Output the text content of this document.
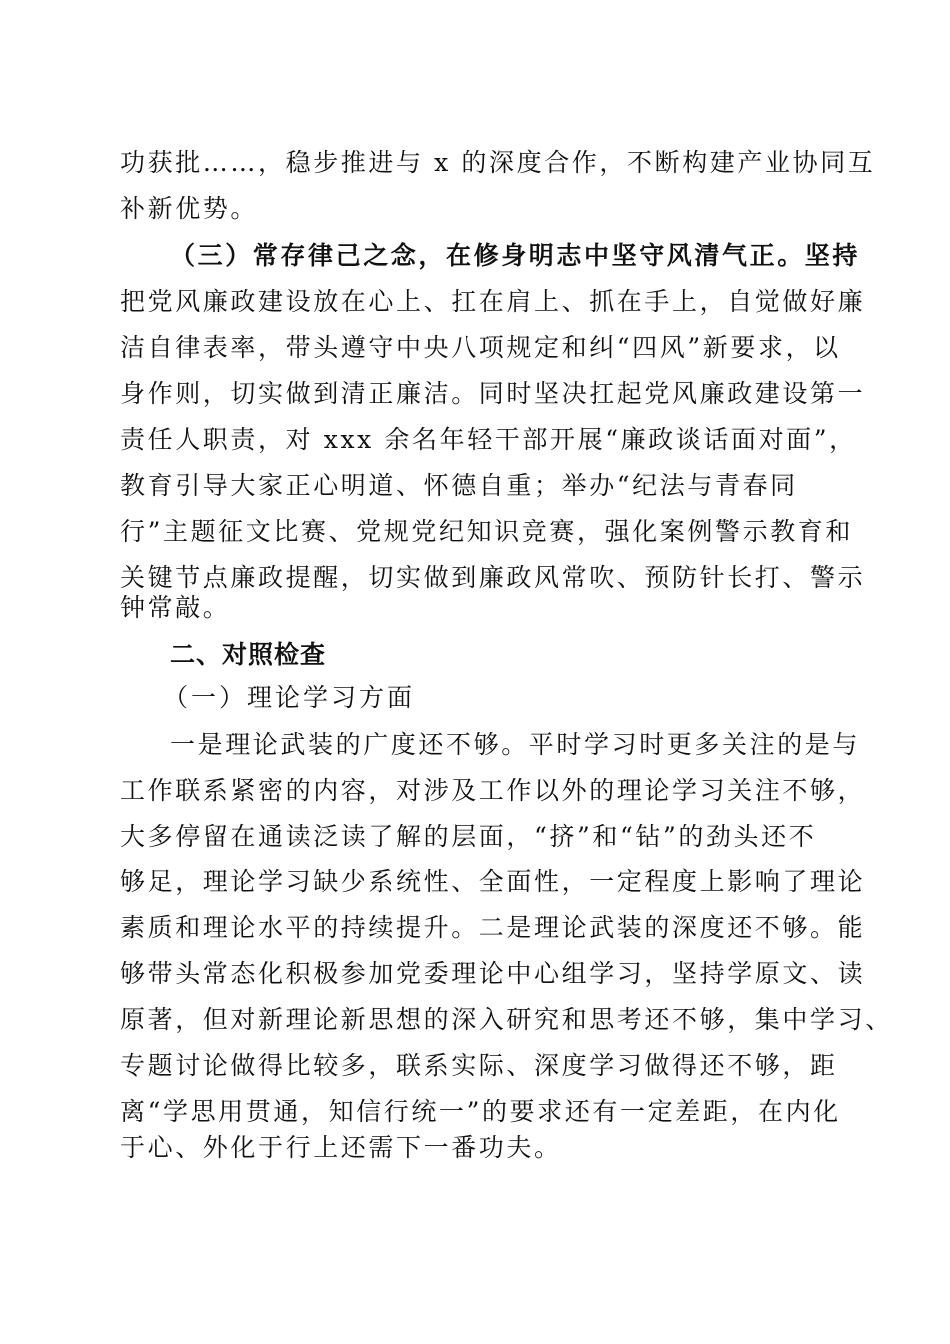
功获批……，稳步推进与 x 的深度合作，不断构建产业协同互
补新优势。
（三）常存律己之念，在修身明志中坚守风清气正。坚持
把党风廉政建设放在心上、扛在肩上、抓在手上，自觉做好廉
洁自律表率，带头遵守中央八项规定和纠“四风”新要求，以
身作则，切实做到清正廉洁。同时坚决扛起党风廉政建设第一
责任人职责，对 xxx 余名年轻干部开展“廉政谈话面对面”，
教育引导大家正心明道、怀德自重；举办“纪法与青春同
行”主题征文比赛、党规党纪知识竞赛，强化案例警示教育和
关键节点廉政提醒，切实做到廉政风常吹、预防针长打、警示
钟常敲。
二、对照检查
（一）理论学习方面
一是理论武装的广度还不够。平时学习时更多关注的是与
工作联系紧密的内容，对涉及工作以外的理论学习关注不够，
大多停留在通读泛读了解的层面，“挤”和“钻”的劲头还不
够足，理论学习缺少系统性、全面性，一定程度上影响了理论
素质和理论水平的持续提升。二是理论武装的深度还不够。能
够带头常态化积极参加党委理论中心组学习，坚持学原文、读
原著，但对新理论新思想的深入研究和思考还不够，集中学习、
专题讨论做得比较多，联系实际、深度学习做得还不够，距
离“学思用贯通，知信行统一”的要求还有一定差距，在内化
于心、外化于行上还需下一番功夫。
